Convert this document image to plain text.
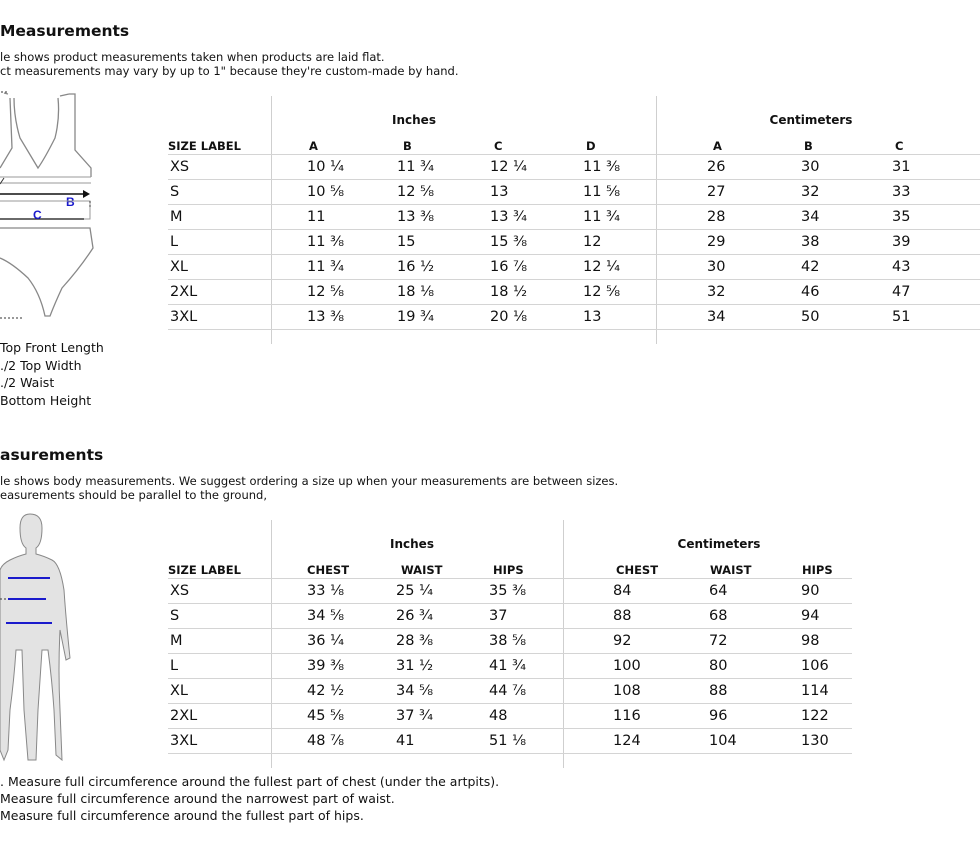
Measurements
le shows product measurements taken when products are laid flat.
ct measurements may vary by up to 1" because they're custom-made by hand.
B
C
Top Front Length
./2 Top Width
./2 Waist
Bottom Height
Inches	Centimeters
SIZE LABEL	A	B	C	D	A	B	C
XS	10 ¼	11 ¾	12 ¼	11 ⅜	26	30	31
S	10 ⅝	12 ⅝	13	11 ⅝	27	32	33
M	11	13 ⅜	13 ¾	11 ¾	28	34	35
L	11 ⅜	15	15 ⅜	12	29	38	39
XL	11 ¾	16 ½	16 ⅞	12 ¼	30	42	43
2XL	12 ⅝	18 ⅛	18 ½	12 ⅝	32	46	47
3XL	13 ⅜	19 ¾	20 ⅛	13	34	50	51
asurements
le shows body measurements. We suggest ordering a size up when your measurements are between sizes.
easurements should be parallel to the ground,
Inches	Centimeters
SIZE LABEL	CHEST	WAIST	HIPS	CHEST	WAIST	HIPS
XS	33 ⅛	25 ¼	35 ⅜	84	64	90
S	34 ⅝	26 ¾	37	88	68	94
M	36 ¼	28 ⅜	38 ⅝	92	72	98
L	39 ⅜	31 ½	41 ¾	100	80	106
XL	42 ½	34 ⅝	44 ⅞	108	88	114
2XL	45 ⅝	37 ¾	48	116	96	122
3XL	48 ⅞	41	51 ⅛	124	104	130
. Measure full circumference around the fullest part of chest (under the artpits).
Measure full circumference around the narrowest part of waist.
Measure full circumference around the fullest part of hips.
